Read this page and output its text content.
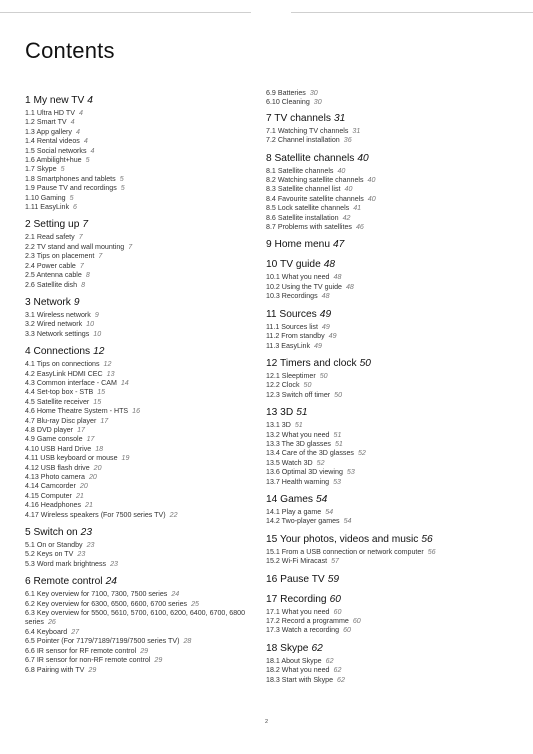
Contents
1 My new TV 4
1.1 Ultra HD TV 4
1.2 Smart TV 4
1.3 App gallery 4
1.4 Rental videos 4
1.5 Social networks 4
1.6 Ambilight+hue 5
1.7 Skype 5
1.8 Smartphones and tablets 5
1.9 Pause TV and recordings 5
1.10 Gaming 5
1.11 EasyLink 6
2 Setting up 7
2.1 Read safety 7
2.2 TV stand and wall mounting 7
2.3 Tips on placement 7
2.4 Power cable 7
2.5 Antenna cable 8
2.6 Satellite dish 8
3 Network 9
3.1 Wireless network 9
3.2 Wired network 10
3.3 Network settings 10
4 Connections 12
4.1 Tips on connections 12
4.2 EasyLink HDMI CEC 13
4.3 Common interface - CAM 14
4.4 Set-top box - STB 15
4.5 Satellite receiver 15
4.6 Home Theatre System - HTS 16
4.7 Blu-ray Disc player 17
4.8 DVD player 17
4.9 Game console 17
4.10 USB Hard Drive 18
4.11 USB keyboard or mouse 19
4.12 USB flash drive 20
4.13 Photo camera 20
4.14 Camcorder 20
4.15 Computer 21
4.16 Headphones 21
4.17 Wireless speakers (For 7500 series TV) 22
5 Switch on 23
5.1 On or Standby 23
5.2 Keys on TV 23
5.3 Word mark brightness 23
6 Remote control 24
6.1 Key overview for 7100, 7300, 7500 series 24
6.2 Key overview for 6300, 6500, 6600, 6700 series 25
6.3 Key overview for 5500, 5610, 5700, 6100, 6200, 6400, 6700, 6800 series 26
6.4 Keyboard 27
6.5 Pointer (For 7179/7189/7199/7500 series TV) 28
6.6 IR sensor for RF remote control 29
6.7 IR sensor for non-RF remote control 29
6.8 Pairing with TV 29
6.9 Batteries 30
6.10 Cleaning 30
7 TV channels 31
7.1 Watching TV channels 31
7.2 Channel installation 36
8 Satellite channels 40
8.1 Satellite channels 40
8.2 Watching satellite channels 40
8.3 Satellite channel list 40
8.4 Favourite satellite channels 40
8.5 Lock satellite channels 41
8.6 Satellite installation 42
8.7 Problems with satellites 46
9 Home menu 47
10 TV guide 48
10.1 What you need 48
10.2 Using the TV guide 48
10.3 Recordings 48
11 Sources 49
11.1 Sources list 49
11.2 From standby 49
11.3 EasyLink 49
12 Timers and clock 50
12.1 Sleeptimer 50
12.2 Clock 50
12.3 Switch off timer 50
13 3D 51
13.1 3D 51
13.2 What you need 51
13.3 The 3D glasses 51
13.4 Care of the 3D glasses 52
13.5 Watch 3D 52
13.6 Optimal 3D viewing 53
13.7 Health warning 53
14 Games 54
14.1 Play a game 54
14.2 Two-player games 54
15 Your photos, videos and music 56
15.1 From a USB connection or network computer 56
15.2 Wi-Fi Miracast 57
16 Pause TV 59
17 Recording 60
17.1 What you need 60
17.2 Record a programme 60
17.3 Watch a recording 60
18 Skype 62
18.1 About Skype 62
18.2 What you need 62
18.3 Start with Skype 62
2
